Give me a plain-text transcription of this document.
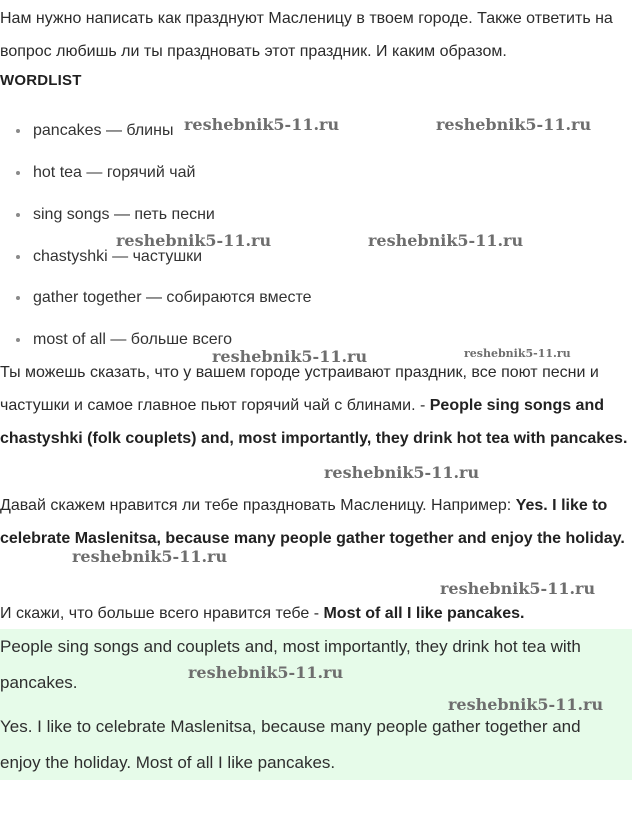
Нам нужно написать как празднуют Масленицу в твоем городе. Также ответить на вопрос любишь ли ты праздновать этот праздник. И каким образом.

WORDLIST
pancakes — блины
hot tea — горячий чай
sing songs — петь песни
chastyshki — частушки
gather together — собираются вместе
most of all — больше всего

Ты можешь сказать, что у вашем городе устраивают праздник, все поют песни и частушки и самое главное пьют горячий чай с блинами. - People sing songs and chastyshki (folk couplets) and, most importantly, they drink hot tea with pancakes.

Давай скажем нравится ли тебе праздновать Масленицу. Например: Yes. I like to celebrate Maslenitsa, because many people gather together and enjoy the holiday.

И скажи, что больше всего нравится тебе - Most of all I like pancakes.

People sing songs and couplets and, most importantly, they drink hot tea with pancakes.
Yes. I like to celebrate Maslenitsa, because many people gather together and enjoy the holiday. Most of all I like pancakes.
reshebnik5-11.ru	reshebnik5-11.ru
reshebnik5-11.ru	reshebnik5-11.ru
reshebnik5-11.ru	reshebnik5-11.ru
reshebnik5-11.ru
reshebnik5-11.ru
reshebnik5-11.ru
reshebnik5-11.ru
reshebnik5-11.ru
